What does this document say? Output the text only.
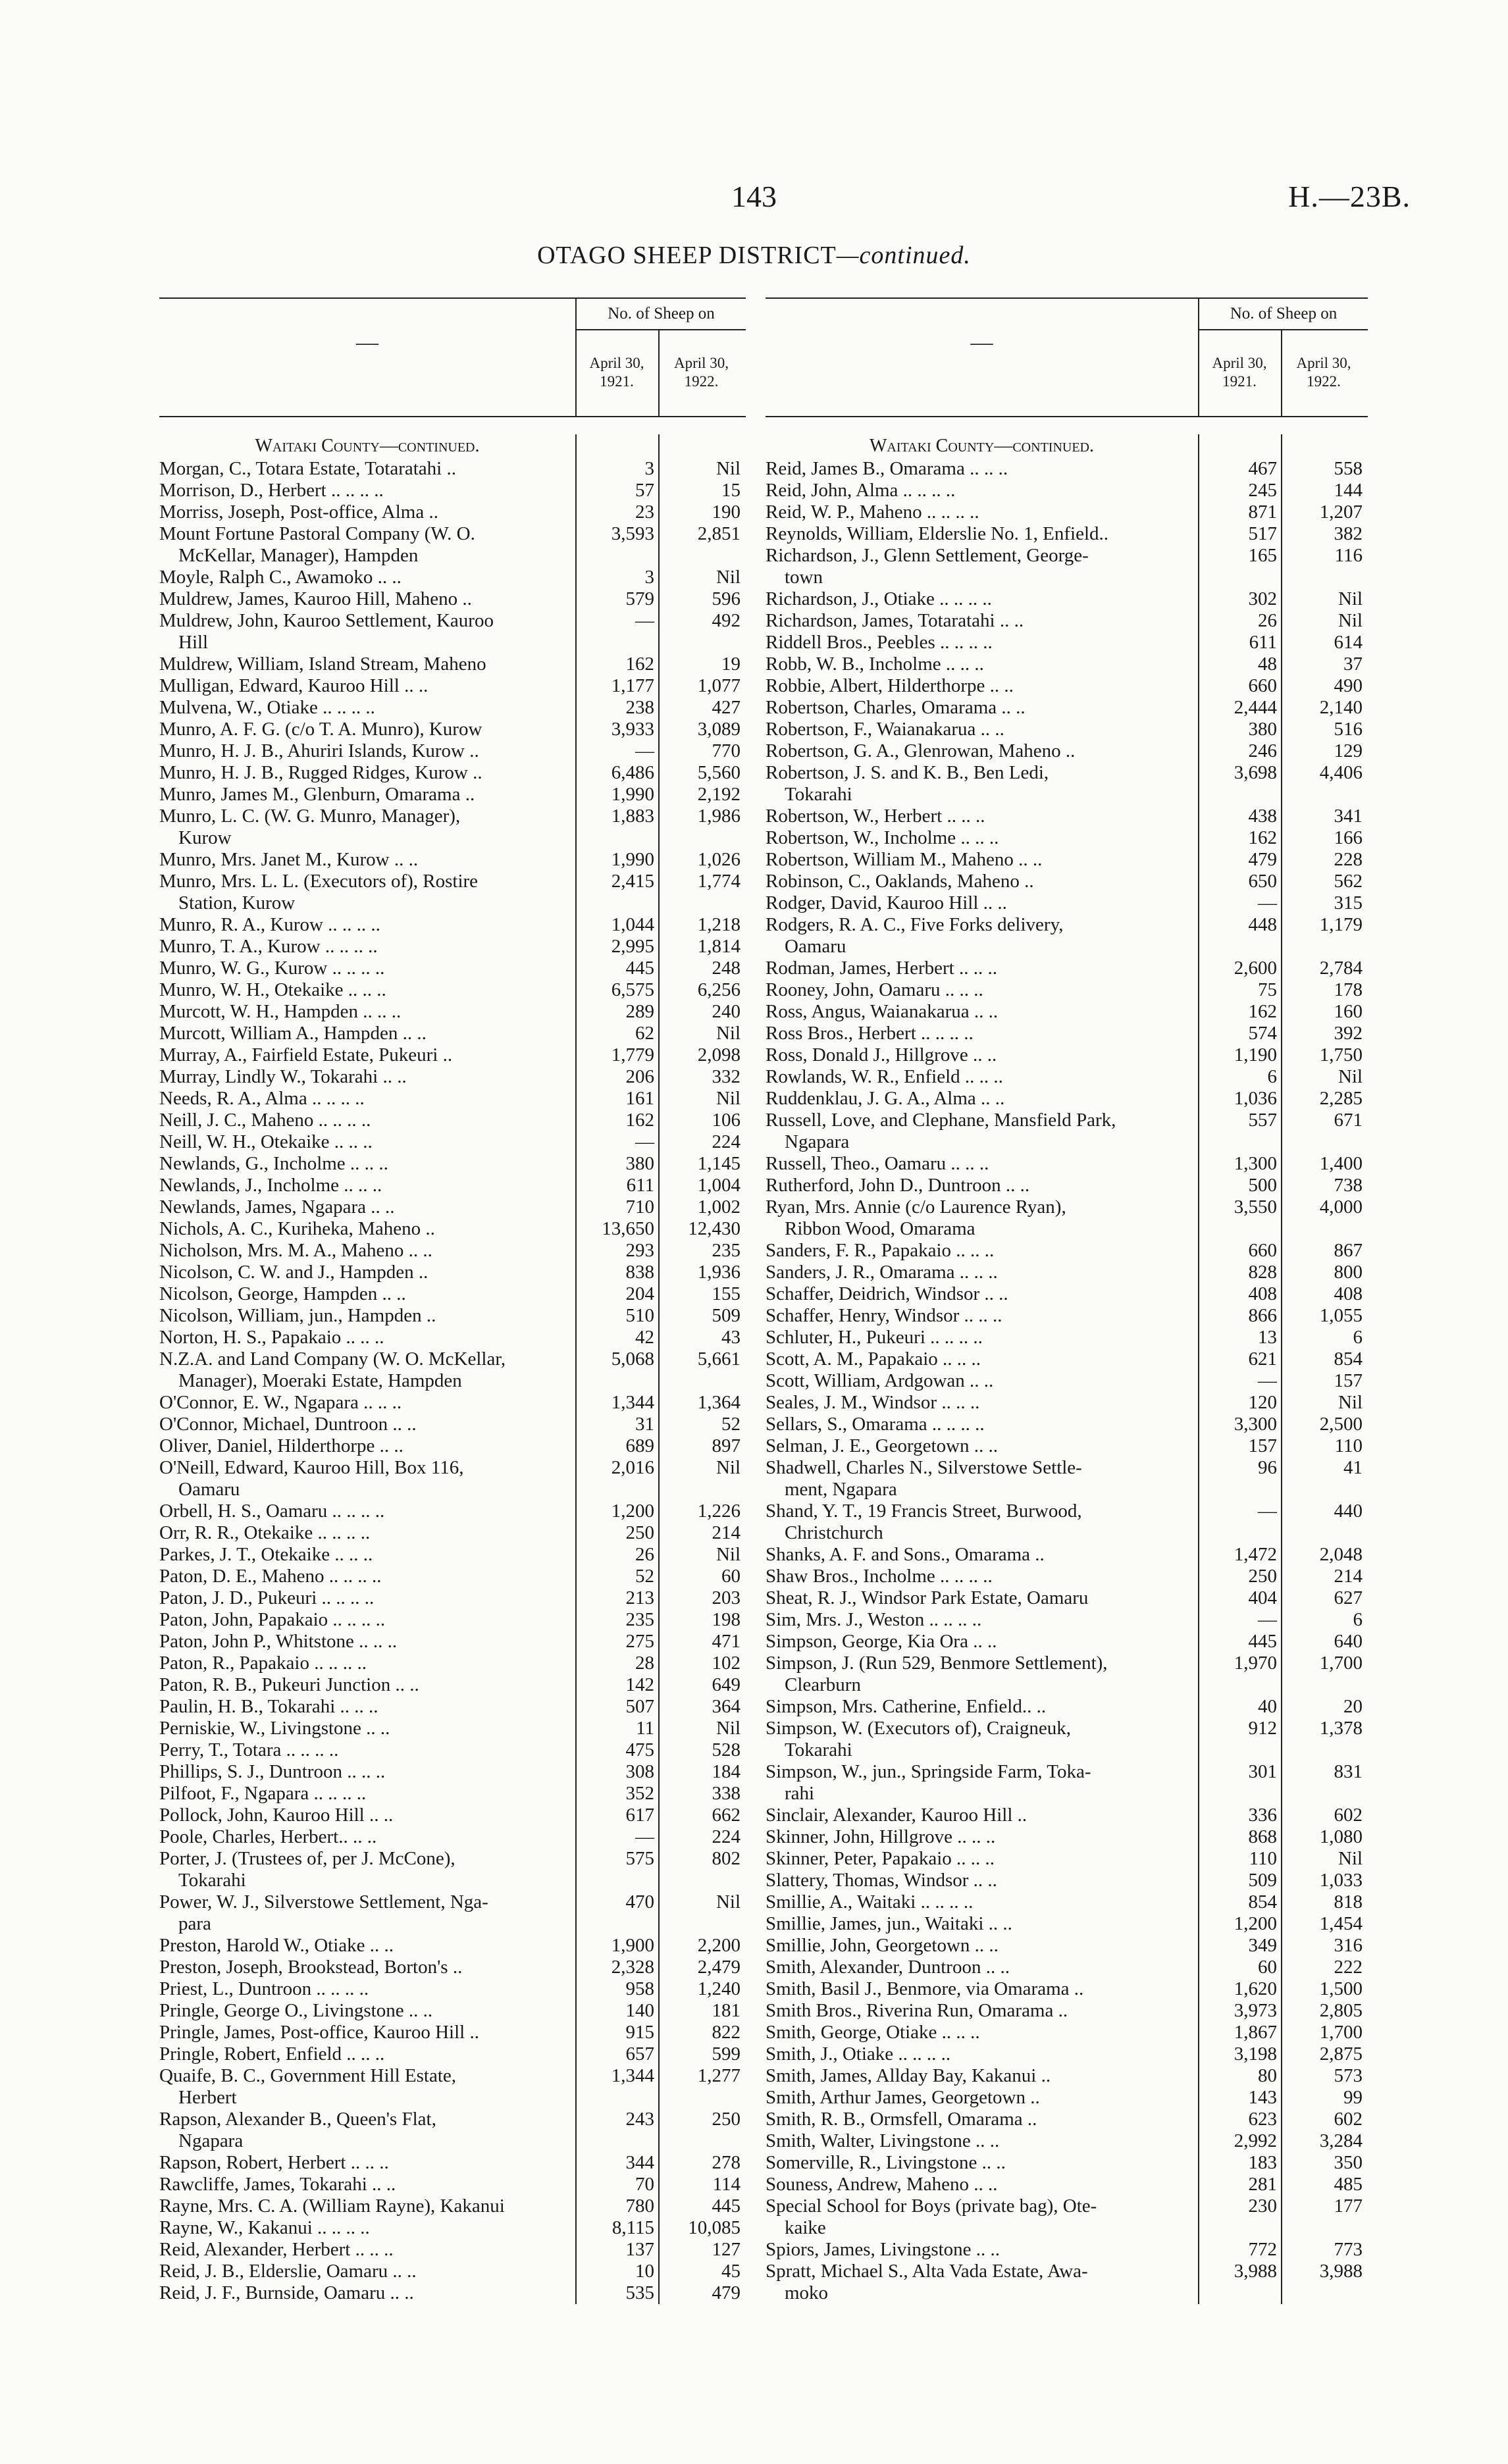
143	H.—23B.
OTAGO SHEEP DISTRICT—continued.
—
No. of Sheep on
April 30,
1921.
April 30,
1922.
Waitaki County—continued.
Morgan, C., Totara Estate, Totaratahi ..	3	Nil
Morrison, D., Herbert .. .. .. ..	57	15
Morriss, Joseph, Post-office, Alma ..	23	190
Mount Fortune Pastoral Company (W. O.
McKellar, Manager), Hampden
3,593	2,851
Moyle, Ralph C., Awamoko .. ..	3	Nil
Muldrew, James, Kauroo Hill, Maheno ..	579	596
Muldrew, John, Kauroo Settlement, Kauroo
Hill
—	492
Muldrew, William, Island Stream, Maheno	162	19
Mulligan, Edward, Kauroo Hill .. ..	1,177	1,077
Mulvena, W., Otiake .. .. .. ..	238	427
Munro, A. F. G. (c/o T. A. Munro), Kurow	3,933	3,089
Munro, H. J. B., Ahuriri Islands, Kurow ..	—	770
Munro, H. J. B., Rugged Ridges, Kurow ..	6,486	5,560
Munro, James M., Glenburn, Omarama ..	1,990	2,192
Munro, L. C. (W. G. Munro, Manager),
Kurow
1,883	1,986
Munro, Mrs. Janet M., Kurow .. ..	1,990	1,026
Munro, Mrs. L. L. (Executors of), Rostire
Station, Kurow
2,415	1,774
Munro, R. A., Kurow .. .. .. ..	1,044	1,218
Munro, T. A., Kurow .. .. .. ..	2,995	1,814
Munro, W. G., Kurow .. .. .. ..	445	248
Munro, W. H., Otekaike .. .. ..	6,575	6,256
Murcott, W. H., Hampden .. .. ..	289	240
Murcott, William A., Hampden .. ..	62	Nil
Murray, A., Fairfield Estate, Pukeuri ..	1,779	2,098
Murray, Lindly W., Tokarahi .. ..	206	332
Needs, R. A., Alma .. .. .. ..	161	Nil
Neill, J. C., Maheno .. .. .. ..	162	106
Neill, W. H., Otekaike .. .. ..	—	224
Newlands, G., Incholme .. .. ..	380	1,145
Newlands, J., Incholme .. .. ..	611	1,004
Newlands, James, Ngapara .. ..	710	1,002
Nichols, A. C., Kuriheka, Maheno ..	13,650	12,430
Nicholson, Mrs. M. A., Maheno .. ..	293	235
Nicolson, C. W. and J., Hampden ..	838	1,936
Nicolson, George, Hampden .. ..	204	155
Nicolson, William, jun., Hampden ..	510	509
Norton, H. S., Papakaio .. .. ..	42	43
N.Z.A. and Land Company (W. O. McKellar,
Manager), Moeraki Estate, Hampden
5,068	5,661
O'Connor, E. W., Ngapara .. .. ..	1,344	1,364
O'Connor, Michael, Duntroon .. ..	31	52
Oliver, Daniel, Hilderthorpe .. ..	689	897
O'Neill, Edward, Kauroo Hill, Box 116,
Oamaru
2,016	Nil
Orbell, H. S., Oamaru .. .. .. ..	1,200	1,226
Orr, R. R., Otekaike .. .. .. ..	250	214
Parkes, J. T., Otekaike .. .. ..	26	Nil
Paton, D. E., Maheno .. .. .. ..	52	60
Paton, J. D., Pukeuri .. .. .. ..	213	203
Paton, John, Papakaio .. .. .. ..	235	198
Paton, John P., Whitstone .. .. ..	275	471
Paton, R., Papakaio .. .. .. ..	28	102
Paton, R. B., Pukeuri Junction .. ..	142	649
Paulin, H. B., Tokarahi .. .. ..	507	364
Perniskie, W., Livingstone .. ..	11	Nil
Perry, T., Totara .. .. .. ..	475	528
Phillips, S. J., Duntroon .. .. ..	308	184
Pilfoot, F., Ngapara .. .. .. ..	352	338
Pollock, John, Kauroo Hill .. ..	617	662
Poole, Charles, Herbert.. .. ..	—	224
Porter, J. (Trustees of, per J. McCone),
Tokarahi
575	802
Power, W. J., Silverstowe Settlement, Nga-
para
470	Nil
Preston, Harold W., Otiake .. ..	1,900	2,200
Preston, Joseph, Brookstead, Borton's ..	2,328	2,479
Priest, L., Duntroon .. .. .. ..	958	1,240
Pringle, George O., Livingstone .. ..	140	181
Pringle, James, Post-office, Kauroo Hill ..	915	822
Pringle, Robert, Enfield .. .. ..	657	599
Quaife, B. C., Government Hill Estate,
Herbert
1,344	1,277
Rapson, Alexander B., Queen's Flat,
Ngapara
243	250
Rapson, Robert, Herbert .. .. ..	344	278
Rawcliffe, James, Tokarahi .. ..	70	114
Rayne, Mrs. C. A. (William Rayne), Kakanui	780	445
Rayne, W., Kakanui .. .. .. ..	8,115	10,085
Reid, Alexander, Herbert .. .. ..	137	127
Reid, J. B., Elderslie, Oamaru .. ..	10	45
Reid, J. F., Burnside, Oamaru .. ..	535	479
—
No. of Sheep on
April 30,
1921.
April 30,
1922.
Waitaki County—continued.
Reid, James B., Omarama .. .. ..	467	558
Reid, John, Alma .. .. .. ..	245	144
Reid, W. P., Maheno .. .. .. ..	871	1,207
Reynolds, William, Elderslie No. 1, Enfield..	517	382
Richardson, J., Glenn Settlement, George-
town
165	116
Richardson, J., Otiake .. .. .. ..	302	Nil
Richardson, James, Totaratahi .. ..	26	Nil
Riddell Bros., Peebles .. .. .. ..	611	614
Robb, W. B., Incholme .. .. ..	48	37
Robbie, Albert, Hilderthorpe .. ..	660	490
Robertson, Charles, Omarama .. ..	2,444	2,140
Robertson, F., Waianakarua .. ..	380	516
Robertson, G. A., Glenrowan, Maheno ..	246	129
Robertson, J. S. and K. B., Ben Ledi,
Tokarahi
3,698	4,406
Robertson, W., Herbert .. .. ..	438	341
Robertson, W., Incholme .. .. ..	162	166
Robertson, William M., Maheno .. ..	479	228
Robinson, C., Oaklands, Maheno ..	650	562
Rodger, David, Kauroo Hill .. ..	—	315
Rodgers, R. A. C., Five Forks delivery,
Oamaru
448	1,179
Rodman, James, Herbert .. .. ..	2,600	2,784
Rooney, John, Oamaru .. .. ..	75	178
Ross, Angus, Waianakarua .. ..	162	160
Ross Bros., Herbert .. .. .. ..	574	392
Ross, Donald J., Hillgrove .. ..	1,190	1,750
Rowlands, W. R., Enfield .. .. ..	6	Nil
Ruddenklau, J. G. A., Alma .. ..	1,036	2,285
Russell, Love, and Clephane, Mansfield Park,
Ngapara
557	671
Russell, Theo., Oamaru .. .. ..	1,300	1,400
Rutherford, John D., Duntroon .. ..	500	738
Ryan, Mrs. Annie (c/o Laurence Ryan),
Ribbon Wood, Omarama
3,550	4,000
Sanders, F. R., Papakaio .. .. ..	660	867
Sanders, J. R., Omarama .. .. ..	828	800
Schaffer, Deidrich, Windsor .. ..	408	408
Schaffer, Henry, Windsor .. .. ..	866	1,055
Schluter, H., Pukeuri .. .. .. ..	13	6
Scott, A. M., Papakaio .. .. ..	621	854
Scott, William, Ardgowan .. ..	—	157
Seales, J. M., Windsor .. .. ..	120	Nil
Sellars, S., Omarama .. .. .. ..	3,300	2,500
Selman, J. E., Georgetown .. ..	157	110
Shadwell, Charles N., Silverstowe Settle-
ment, Ngapara
96	41
Shand, Y. T., 19 Francis Street, Burwood,
Christchurch
—	440
Shanks, A. F. and Sons., Omarama ..	1,472	2,048
Shaw Bros., Incholme .. .. .. ..	250	214
Sheat, R. J., Windsor Park Estate, Oamaru	404	627
Sim, Mrs. J., Weston .. .. .. ..	—	6
Simpson, George, Kia Ora .. ..	445	640
Simpson, J. (Run 529, Benmore Settlement),
Clearburn
1,970	1,700
Simpson, Mrs. Catherine, Enfield.. ..	40	20
Simpson, W. (Executors of), Craigneuk,
Tokarahi
912	1,378
Simpson, W., jun., Springside Farm, Toka-
rahi
301	831
Sinclair, Alexander, Kauroo Hill ..	336	602
Skinner, John, Hillgrove .. .. ..	868	1,080
Skinner, Peter, Papakaio .. .. ..	110	Nil
Slattery, Thomas, Windsor .. ..	509	1,033
Smillie, A., Waitaki .. .. .. ..	854	818
Smillie, James, jun., Waitaki .. ..	1,200	1,454
Smillie, John, Georgetown .. ..	349	316
Smith, Alexander, Duntroon .. ..	60	222
Smith, Basil J., Benmore, via Omarama ..	1,620	1,500
Smith Bros., Riverina Run, Omarama ..	3,973	2,805
Smith, George, Otiake .. .. ..	1,867	1,700
Smith, J., Otiake .. .. .. ..	3,198	2,875
Smith, James, Allday Bay, Kakanui ..	80	573
Smith, Arthur James, Georgetown ..	143	99
Smith, R. B., Ormsfell, Omarama ..	623	602
Smith, Walter, Livingstone .. ..	2,992	3,284
Somerville, R., Livingstone .. ..	183	350
Souness, Andrew, Maheno .. ..	281	485
Special School for Boys (private bag), Ote-
kaike
230	177
Spiors, James, Livingstone .. ..	772	773
Spratt, Michael S., Alta Vada Estate, Awa-
moko
3,988	3,988
